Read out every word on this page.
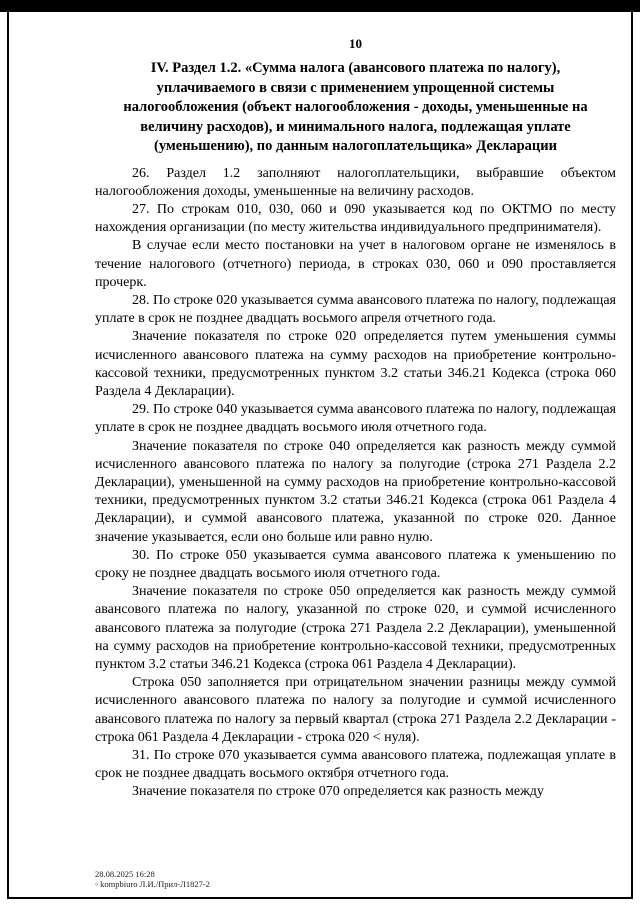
10
IV. Раздел 1.2. «Сумма налога (авансового платежа по налогу), уплачиваемого в связи с применением упрощенной системы налогообложения (объект налогообложения - доходы, уменьшенные на величину расходов), и минимального налога, подлежащая уплате (уменьшению), по данным налогоплательщика» Декларации

26. Раздел 1.2 заполняют налогоплательщики, выбравшие объектом налогообложения доходы, уменьшенные на величину расходов.

27. По строкам 010, 030, 060 и 090 указывается код по ОКТМО по месту нахождения организации (по месту жительства индивидуального предпринимателя).

В случае если место постановки на учет в налоговом органе не изменялось в течение налогового (отчетного) периода, в строках 030, 060 и 090 проставляется прочерк.

28. По строке 020 указывается сумма авансового платежа по налогу, подлежащая уплате в срок не позднее двадцать восьмого апреля отчетного года.

Значение показателя по строке 020 определяется путем уменьшения суммы исчисленного авансового платежа на сумму расходов на приобретение контрольно-кассовой техники, предусмотренных пунктом 3.2 статьи 346.21 Кодекса (строка 060 Раздела 4 Декларации).

29. По строке 040 указывается сумма авансового платежа по налогу, подлежащая уплате в срок не позднее двадцать восьмого июля отчетного года.

Значение показателя по строке 040 определяется как разность между суммой исчисленного авансового платежа по налогу за полугодие (строка 271 Раздела 2.2 Декларации), уменьшенной на сумму расходов на приобретение контрольно-кассовой техники, предусмотренных пунктом 3.2 статьи 346.21 Кодекса (строка 061 Раздела 4 Декларации), и суммой авансового платежа, указанной по строке 020. Данное значение указывается, если оно больше или равно нулю.

30. По строке 050 указывается сумма авансового платежа к уменьшению по сроку не позднее двадцать восьмого июля отчетного года.

Значение показателя по строке 050 определяется как разность между суммой авансового платежа по налогу, указанной по строке 020, и суммой исчисленного авансового платежа за полугодие (строка 271 Раздела 2.2 Декларации), уменьшенной на сумму расходов на приобретение контрольно-кассовой техники, предусмотренных пунктом 3.2 статьи 346.21 Кодекса (строка 061 Раздела 4 Декларации).

Строка 050 заполняется при отрицательном значении разницы между суммой исчисленного авансового платежа по налогу за полугодие и суммой исчисленного авансового платежа по налогу за первый квартал (строка 271 Раздела 2.2 Декларации - строка 061 Раздела 4 Декларации - строка 020 < нуля).

31. По строке 070 указывается сумма авансового платежа, подлежащая уплате в срок не позднее двадцать восьмого октября отчетного года.

Значение показателя по строке 070 определяется как разность между

28.08.2025 16:28
◦ kompbiuro Л.И./Прил-Л1827-2
